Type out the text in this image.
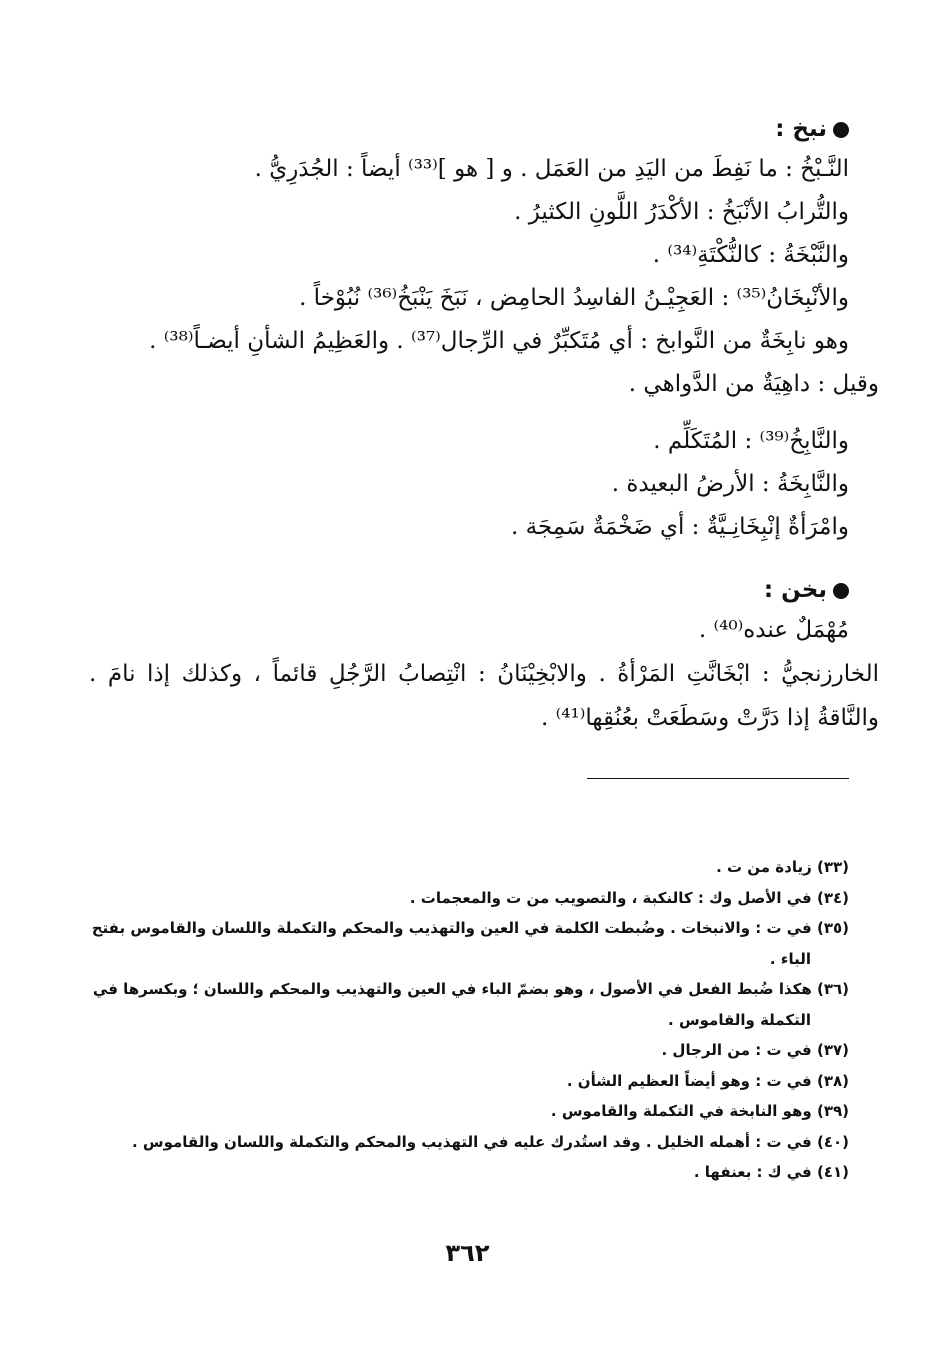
نبخ :
النَّـبْخُ : ما نَفِطَ من اليَدِ من العَمَل . و [ هو ]⁽³³⁾ أيضاً : الجُدَرِيُّ .
والتُّرابُ الأنْبَخُ : الأكْدَرُ اللَّونِ الكثيرُ .
والنَّبْخَةُ : كالنُّكْتَةِ⁽³⁴⁾ .
والأنْبِخَانُ⁽³⁵⁾ : العَجِيْـنُ الفاسِدُ الحامِض ، نَبَخَ يَنْبَخُ⁽³⁶⁾ نُبُوْخاً .
وهو نابِخَةٌ من النَّوابخ : أي مُتَكبِّرٌ في الرِّجال⁽³⁷⁾ . والعَظِيمُ الشأنِ أيضـاً⁽³⁸⁾ .
وقيل : داهِيَةٌ من الدَّواهي .
والنَّابِخُ⁽³⁹⁾ : المُتَكَلِّم .
والنَّابِخَةُ : الأرضُ البعيدة .
وامْرَأةٌ إنْبِخَانِـيَّةٌ : أي ضَخْمَةٌ سَمِجَة .
بخن :
مُهْمَلٌ عنده⁽⁴⁰⁾ .
الخارزنجيُّ : ابْخَانَّتِ المَرْأةُ . والابْخِيْنَانُ : انْتِصابُ الرَّجُلِ قائماً ، وكذلك إذا نامَ . والنَّاقةُ إذا دَرَّتْ وسَطَعَتْ بعُنُقِها⁽⁴¹⁾ .
(٣٣) زيادة من ت .
(٣٤) في الأصل وك : كالنكبة ، والتصويب من ت والمعجمات .
(٣٥) في ت : والانبخات . وضُبطت الكلمة في العين والتهذيب والمحكم والتكملة واللسان والقاموس بفتح
الباء .
(٣٦) هكذا ضُبط الفعل في الأصول ، وهو بضمّ الباء في العين والتهذيب والمحكم واللسان ؛ وبكسرها في
التكملة والقاموس .
(٣٧) في ت : من الرجال .
(٣٨) في ت : وهو أيضاً العظيم الشأن .
(٣٩) وهو النابخة في التكملة والقاموس .
(٤٠) في ت : أهمله الخليل . وقد استُدرك عليه في التهذيب والمحكم والتكملة واللسان والقاموس .
(٤١) في ك : بعنفها .
٣٦٢
